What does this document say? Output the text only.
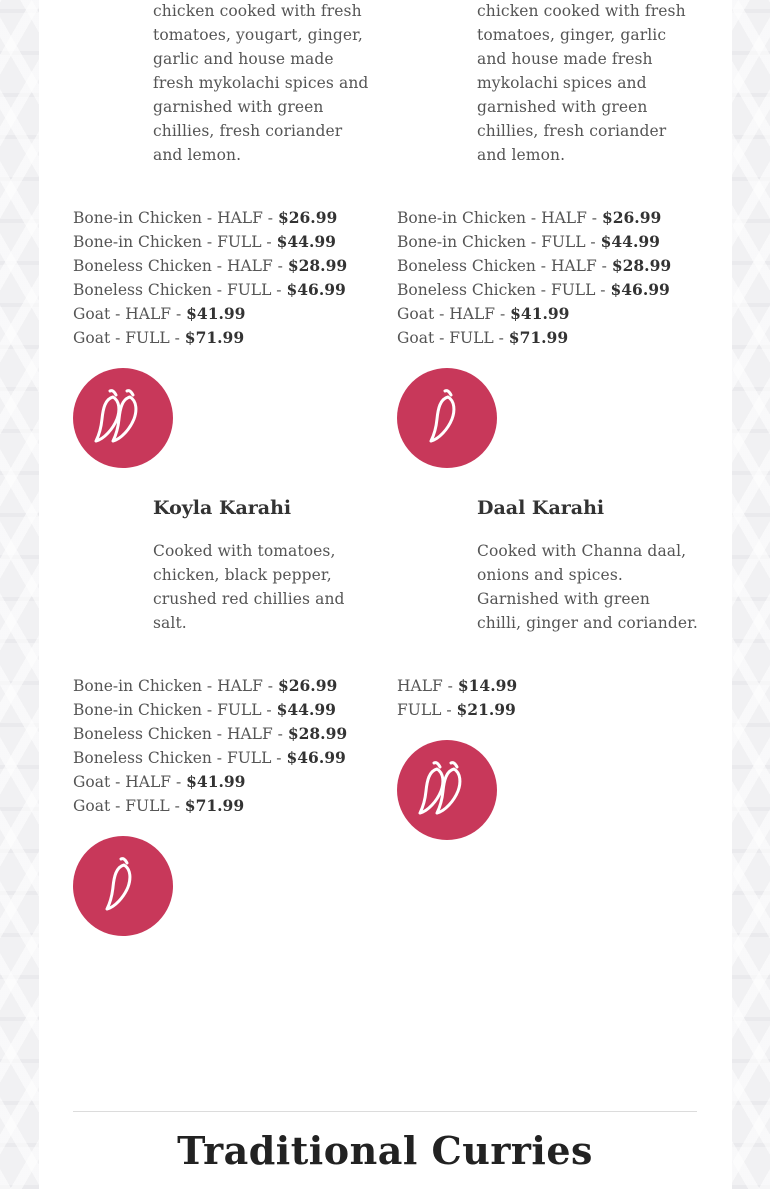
chicken cooked with fresh tomatoes, yougart, ginger, garlic and house made fresh mykolachi spices and garnished with green chillies, fresh coriander and lemon.
Bone-in Chicken - HALF - $26.99
Bone-in Chicken - FULL - $44.99
Boneless Chicken - HALF - $28.99
Boneless Chicken - FULL - $46.99
Goat - HALF - $41.99
Goat - FULL - $71.99
chicken cooked with fresh tomatoes, ginger, garlic and house made fresh mykolachi spices and garnished with green chillies, fresh coriander and lemon.
Bone-in Chicken - HALF - $26.99
Bone-in Chicken - FULL - $44.99
Boneless Chicken - HALF - $28.99
Boneless Chicken - FULL - $46.99
Goat - HALF - $41.99
Goat - FULL - $71.99
Koyla Karahi
Cooked with tomatoes, chicken, black pepper, crushed red chillies and salt.
Bone-in Chicken - HALF - $26.99
Bone-in Chicken - FULL - $44.99
Boneless Chicken - HALF - $28.99
Boneless Chicken - FULL - $46.99
Goat - HALF - $41.99
Goat - FULL - $71.99
Daal Karahi
Cooked with Channa daal, onions and spices. Garnished with green chilli, ginger and coriander.
HALF - $14.99
FULL - $21.99
Traditional Curries
